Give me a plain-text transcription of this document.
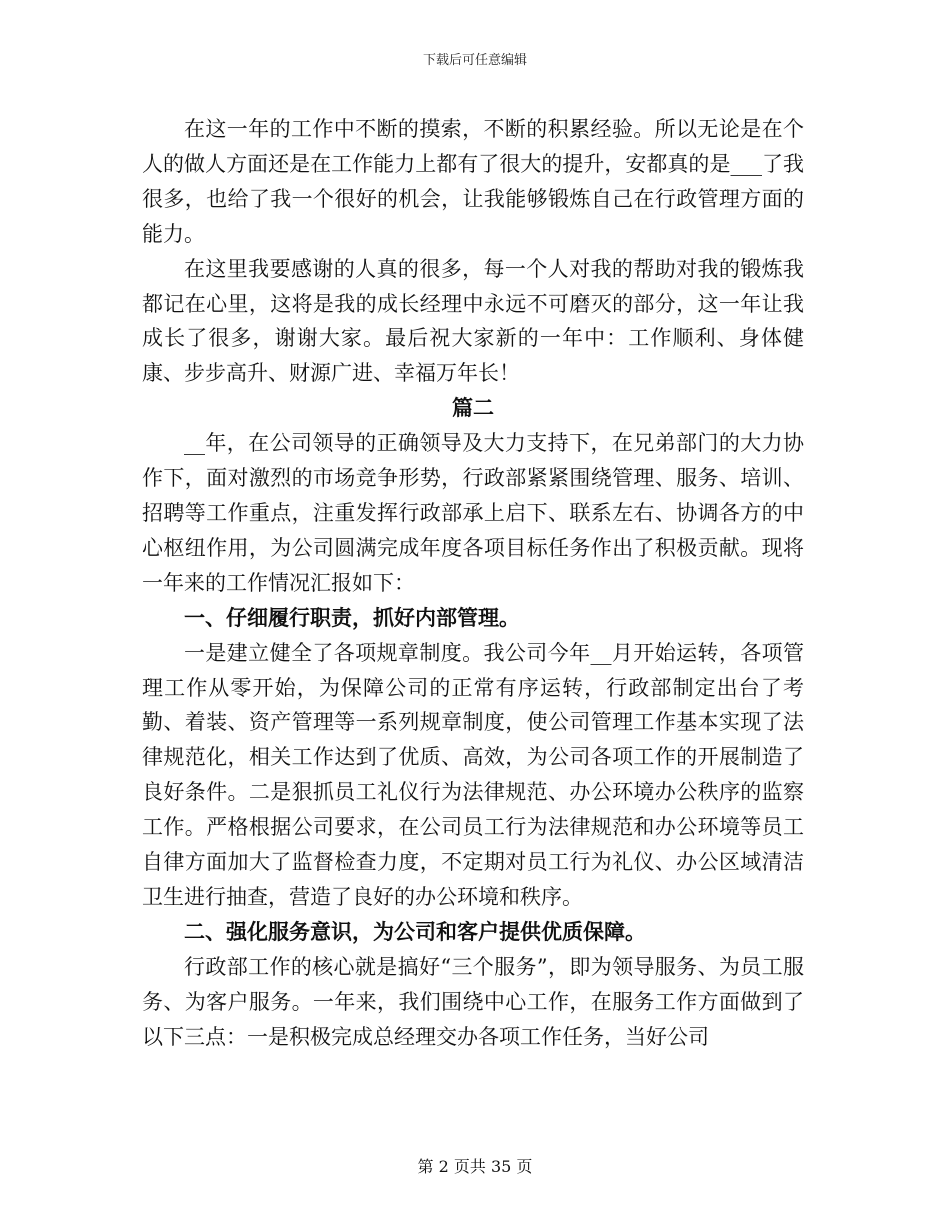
下载后可任意编辑

在这一年的工作中不断的摸索，不断的积累经验。所以无论是在个人的做人方面还是在工作能力上都有了很大的提升，安都真的是___了我很多，也给了我一个很好的机会，让我能够锻炼自己在行政管理方面的能力。

在这里我要感谢的人真的很多，每一个人对我的帮助对我的锻炼我都记在心里，这将是我的成长经理中永远不可磨灭的部分，这一年让我成长了很多，谢谢大家。最后祝大家新的一年中：工作顺利、身体健康、步步高升、财源广进、幸福万年长！

篇二

__年，在公司领导的正确领导及大力支持下，在兄弟部门的大力协作下，面对激烈的市场竞争形势，行政部紧紧围绕管理、服务、培训、招聘等工作重点，注重发挥行政部承上启下、联系左右、协调各方的中心枢纽作用，为公司圆满完成年度各项目标任务作出了积极贡献。现将一年来的工作情况汇报如下：

一、仔细履行职责，抓好内部管理。

一是建立健全了各项规章制度。我公司今年__月开始运转，各项管理工作从零开始，为保障公司的正常有序运转，行政部制定出台了考勤、着装、资产管理等一系列规章制度，使公司管理工作基本实现了法律规范化，相关工作达到了优质、高效，为公司各项工作的开展制造了良好条件。二是狠抓员工礼仪行为法律规范、办公环境办公秩序的监察工作。严格根据公司要求，在公司员工行为法律规范和办公环境等员工自律方面加大了监督检查力度，不定期对员工行为礼仪、办公区域清洁卫生进行抽查，营造了良好的办公环境和秩序。

二、强化服务意识，为公司和客户提供优质保障。

行政部工作的核心就是搞好“三个服务”，即为领导服务、为员工服务、为客户服务。一年来，我们围绕中心工作，在服务工作方面做到了以下三点：一是积极完成总经理交办各项工作任务，当好公司

第 2 页共 35 页
